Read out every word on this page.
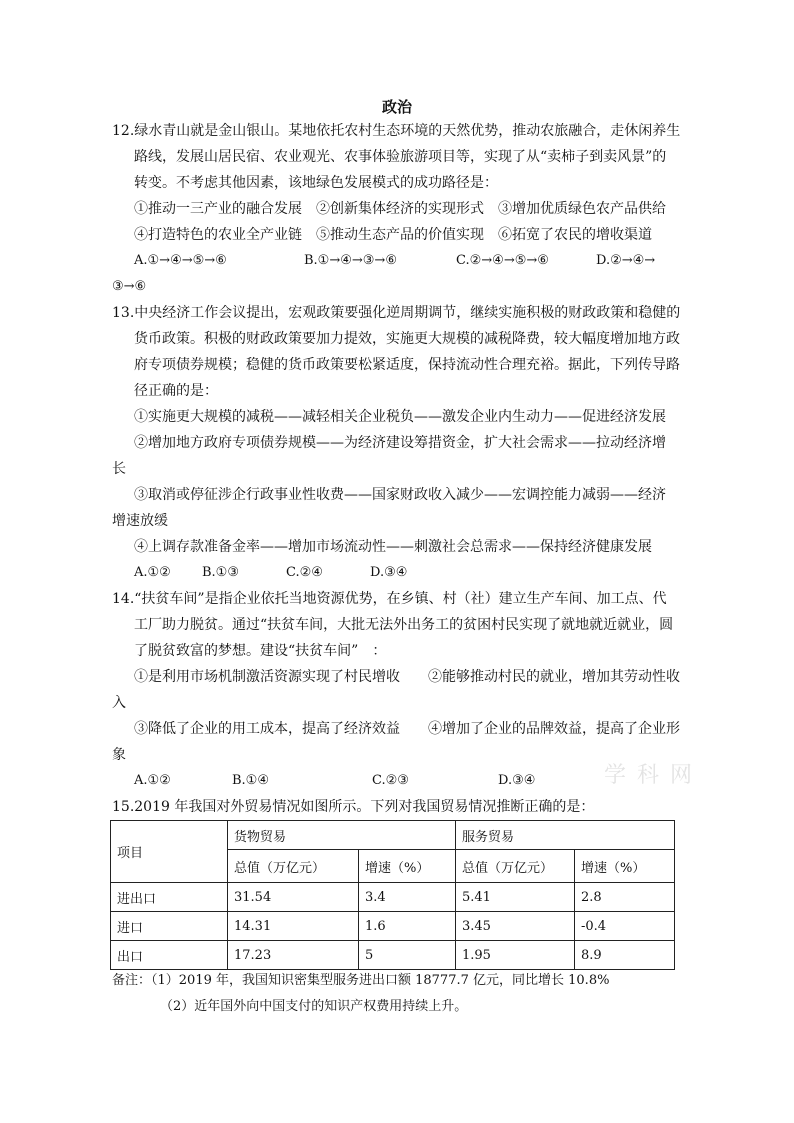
政治
12.绿水青山就是金山银山。某地依托农村生态环境的天然优势，推动农旅融合，走休闲养生
路线，发展山居民宿、农业观光、农事体验旅游项目等，实现了从“卖柿子到卖风景”的
转变。不考虑其他因素，该地绿色发展模式的成功路径是：
①推动一三产业的融合发展　②创新集体经济的实现形式　③增加优质绿色农产品供给
④打造特色的农业全产业链　⑤推动生态产品的价值实现　⑥拓宽了农民的增收渠道
A.①→④→⑤→⑥	B.①→④→③→⑥	C.②→④→⑤→⑥	D.②→④→
③→⑥
13.中央经济工作会议提出，宏观政策要强化逆周期调节，继续实施积极的财政政策和稳健的
货币政策。积极的财政政策要加力提效，实施更大规模的减税降费，较大幅度增加地方政
府专项债券规模；稳健的货币政策要松紧适度，保持流动性合理充裕。据此，下列传导路
径正确的是：
①实施更大规模的减税——减轻相关企业税负——激发企业内生动力——促进经济发展
②增加地方政府专项债券规模——为经济建设筹措资金，扩大社会需求——拉动经济增
长
③取消或停征涉企行政事业性收费——国家财政收入减少——宏调控能力减弱——经济
增速放缓
④上调存款准备金率——增加市场流动性——刺激社会总需求——保持经济健康发展
A.①② B.①③	C.②④	D.③④
14.“扶贫车间”是指企业依托当地资源优势，在乡镇、村（社）建立生产车间、加工点、代
工厂助力脱贫。通过“扶贫车间，大批无法外出务工的贫困村民实现了就地就近就业，圆
了脱贫致富的梦想。建设“扶贫车间”　：
①是利用市场机制激活资源实现了村民增收 ②能够推动村民的就业，增加其劳动性收
入
③降低了企业的用工成本，提高了经济效益 ④增加了企业的品牌效益，提高了企业形
象
A.①②	B.①④	C.②③	D.③④	学 科 网
15.2019 年我国对外贸易情况如图所示。下列对我国贸易情况推断正确的是：
项目	货物贸易		服务贸易	
	总值（万亿元）	增速（%）	总值（万亿元）	增速（%）
进出口	31.54	3.4	5.41	2.8
进口	14.31	1.6	3.45	-0.4
出口	17.23	5	1.95	8.9
备注：（1）2019 年，我国知识密集型服务进出口额 18777.7 亿元，同比增长 10.8%
（2）近年国外向中国支付的知识产权费用持续上升。
